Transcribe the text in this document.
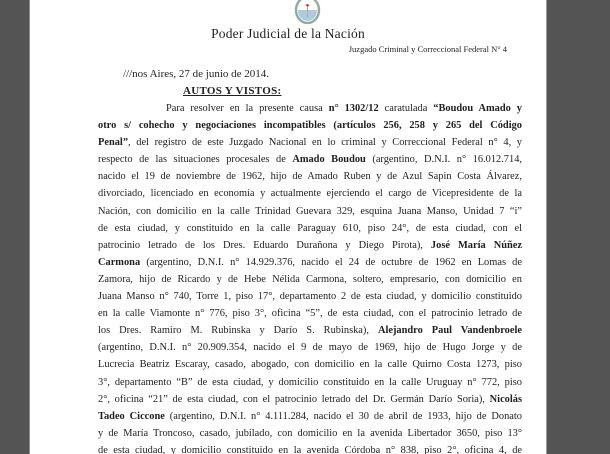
Poder Judicial de la Nación
Juzgado Criminal y Correccional Federal N° 4
///nos Aires, 27 de junio de 2014.
AUTOS Y VISTOS:
Para resolver en la presente causa n° 1302/12 caratulada “Boudou Amado y
otro s/ cohecho y negociaciones incompatibles (artículos 256, 258 y 265 del Código
Penal”, del registro de este Juzgado Nacional en lo criminal y Correccional Federal n° 4, y
respecto de las situaciones procesales de Amado Boudou (argentino, D.N.I. n° 16.012.714,
nacido el 19 de noviembre de 1962, hijo de Amado Ruben y de Azul Sapin Costa Álvarez,
divorciado, licenciado en economía y actualmente ejerciendo el cargo de Vicepresidente de la
Nación, con domicilio en la calle Trinidad Guevara 329, esquina Juana Manso, Unidad 7 “i”
de esta ciudad, y constituido en la calle Paraguay 610, piso 24°, de esta ciudad, con el
patrocinio letrado de los Dres. Eduardo Durañona y Diego Pirota), José María Núñez
Carmona (argentino, D.N.I. n° 14.929.376, nacido el 24 de octubre de 1962 en Lomas de
Zamora, hijo de Ricardo y de Hebe Nélida Carmona, soltero, empresario, con domicilio en
Juana Manso n° 740, Torre 1, piso 17°, departamento 2 de esta ciudad, y domicilio constituido
en la calle Viamonte n° 776, piso 3°, oficina “5”, de esta ciudad, con el patrocinio letrado de
los Dres. Ramiro M. Rubinska y Darío S. Rubinska), Alejandro Paul Vandenbroele
(argentino, D.N.I. n° 20.909.354, nacido el 9 de mayo de 1969, hijo de Hugo Jorge y de
Lucrecia Beatriz Escaray, casado, abogado, con domicilio en la calle Quirno Costa 1273, piso
3°, departamento “B” de esta ciudad, y domicilio constituido en la calle Uruguay n° 772, piso
2°, oficina “21” de esta ciudad, con el patrocinio letrado del Dr. Germán Darío Soria), Nicolás
Tadeo Ciccone (argentino, D.N.I. n° 4.111.284, nacido el 30 de abril de 1933, hijo de Donato
y de María Troncoso, casado, jubilado, con domicilio en la avenida Libertador 3650, piso 13°
de esta ciudad, y domicilio constituido en la avenida Córdoba n° 838, piso 2°, oficina 4, de
